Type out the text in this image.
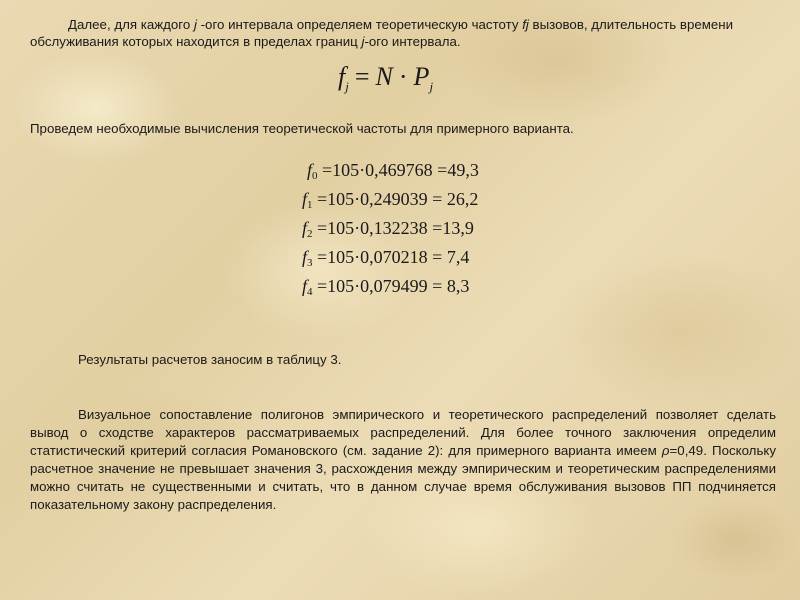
Далее, для каждого j -ого интервала определяем теоретическую частоту fj вызовов, длительность времени обслуживания которых находится в пределах границ j-ого интервала.

$f_j = N \cdot P_j$

Проведем необходимые вычисления теоретической частоты для примерного варианта.

$f_0 =105\cdot 0,469768 =49,3$
$f_1 =105\cdot 0,249039 = 26,2$
$f_2 =105\cdot 0,132238 =13,9$
$f_3 =105\cdot 0,070218 = 7,4$
$f_4 =105\cdot 0,079499 = 8,3$

Результаты расчетов заносим в таблицу 3.

Визуальное сопоставление полигонов эмпирического и теоретического распределений позволяет сделать вывод о сходстве характеров рассматриваемых распределений. Для более точного заключения определим статистический критерий согласия Романовского (см. задание 2): для примерного варианта имеем ρ=0,49. Поскольку расчетное значение не превышает значения 3, расхождения между эмпирическим и теоретическим распределениями можно считать не существенными и считать, что в данном случае время обслуживания вызовов ПП подчиняется показательному закону распределения.
